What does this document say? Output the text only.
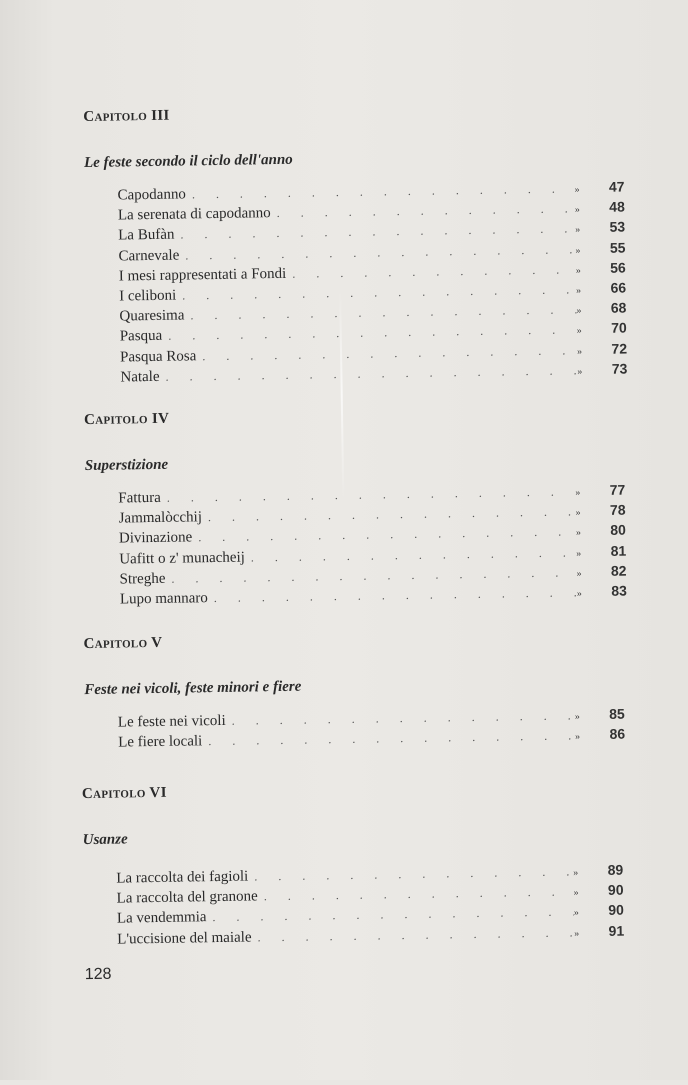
Capitolo III
Le feste secondo il ciclo dell'anno
Capodanno .....	»	47
La serenata di capodanno .....	»	48
La Bufàn .....	»	53
Carnevale .....	»	55
I mesi rappresentati a Fondi .....	»	56
I celiboni .....	»	66
Quaresima .....	»	68
Pasqua .....	»	70
Pasqua Rosa .....	»	72
Natale .....	»	73
Capitolo IV
Superstizione
Fattura .....	»	77
Jammalòcchij .....	»	78
Divinazione .....	»	80
Uafitt o z' munacheij .....	»	81
Streghe .....	»	82
Lupo mannaro .....	»	83
Capitolo V
Feste nei vicoli, feste minori e fiere
Le feste nei vicoli .....	»	85
Le fiere locali .....	»	86
Capitolo VI
Usanze
La raccolta dei fagioli .....	»	89
La raccolta del granone .....	»	90
La vendemmia .....	»	90
L'uccisione del maiale .....	»	91
128
